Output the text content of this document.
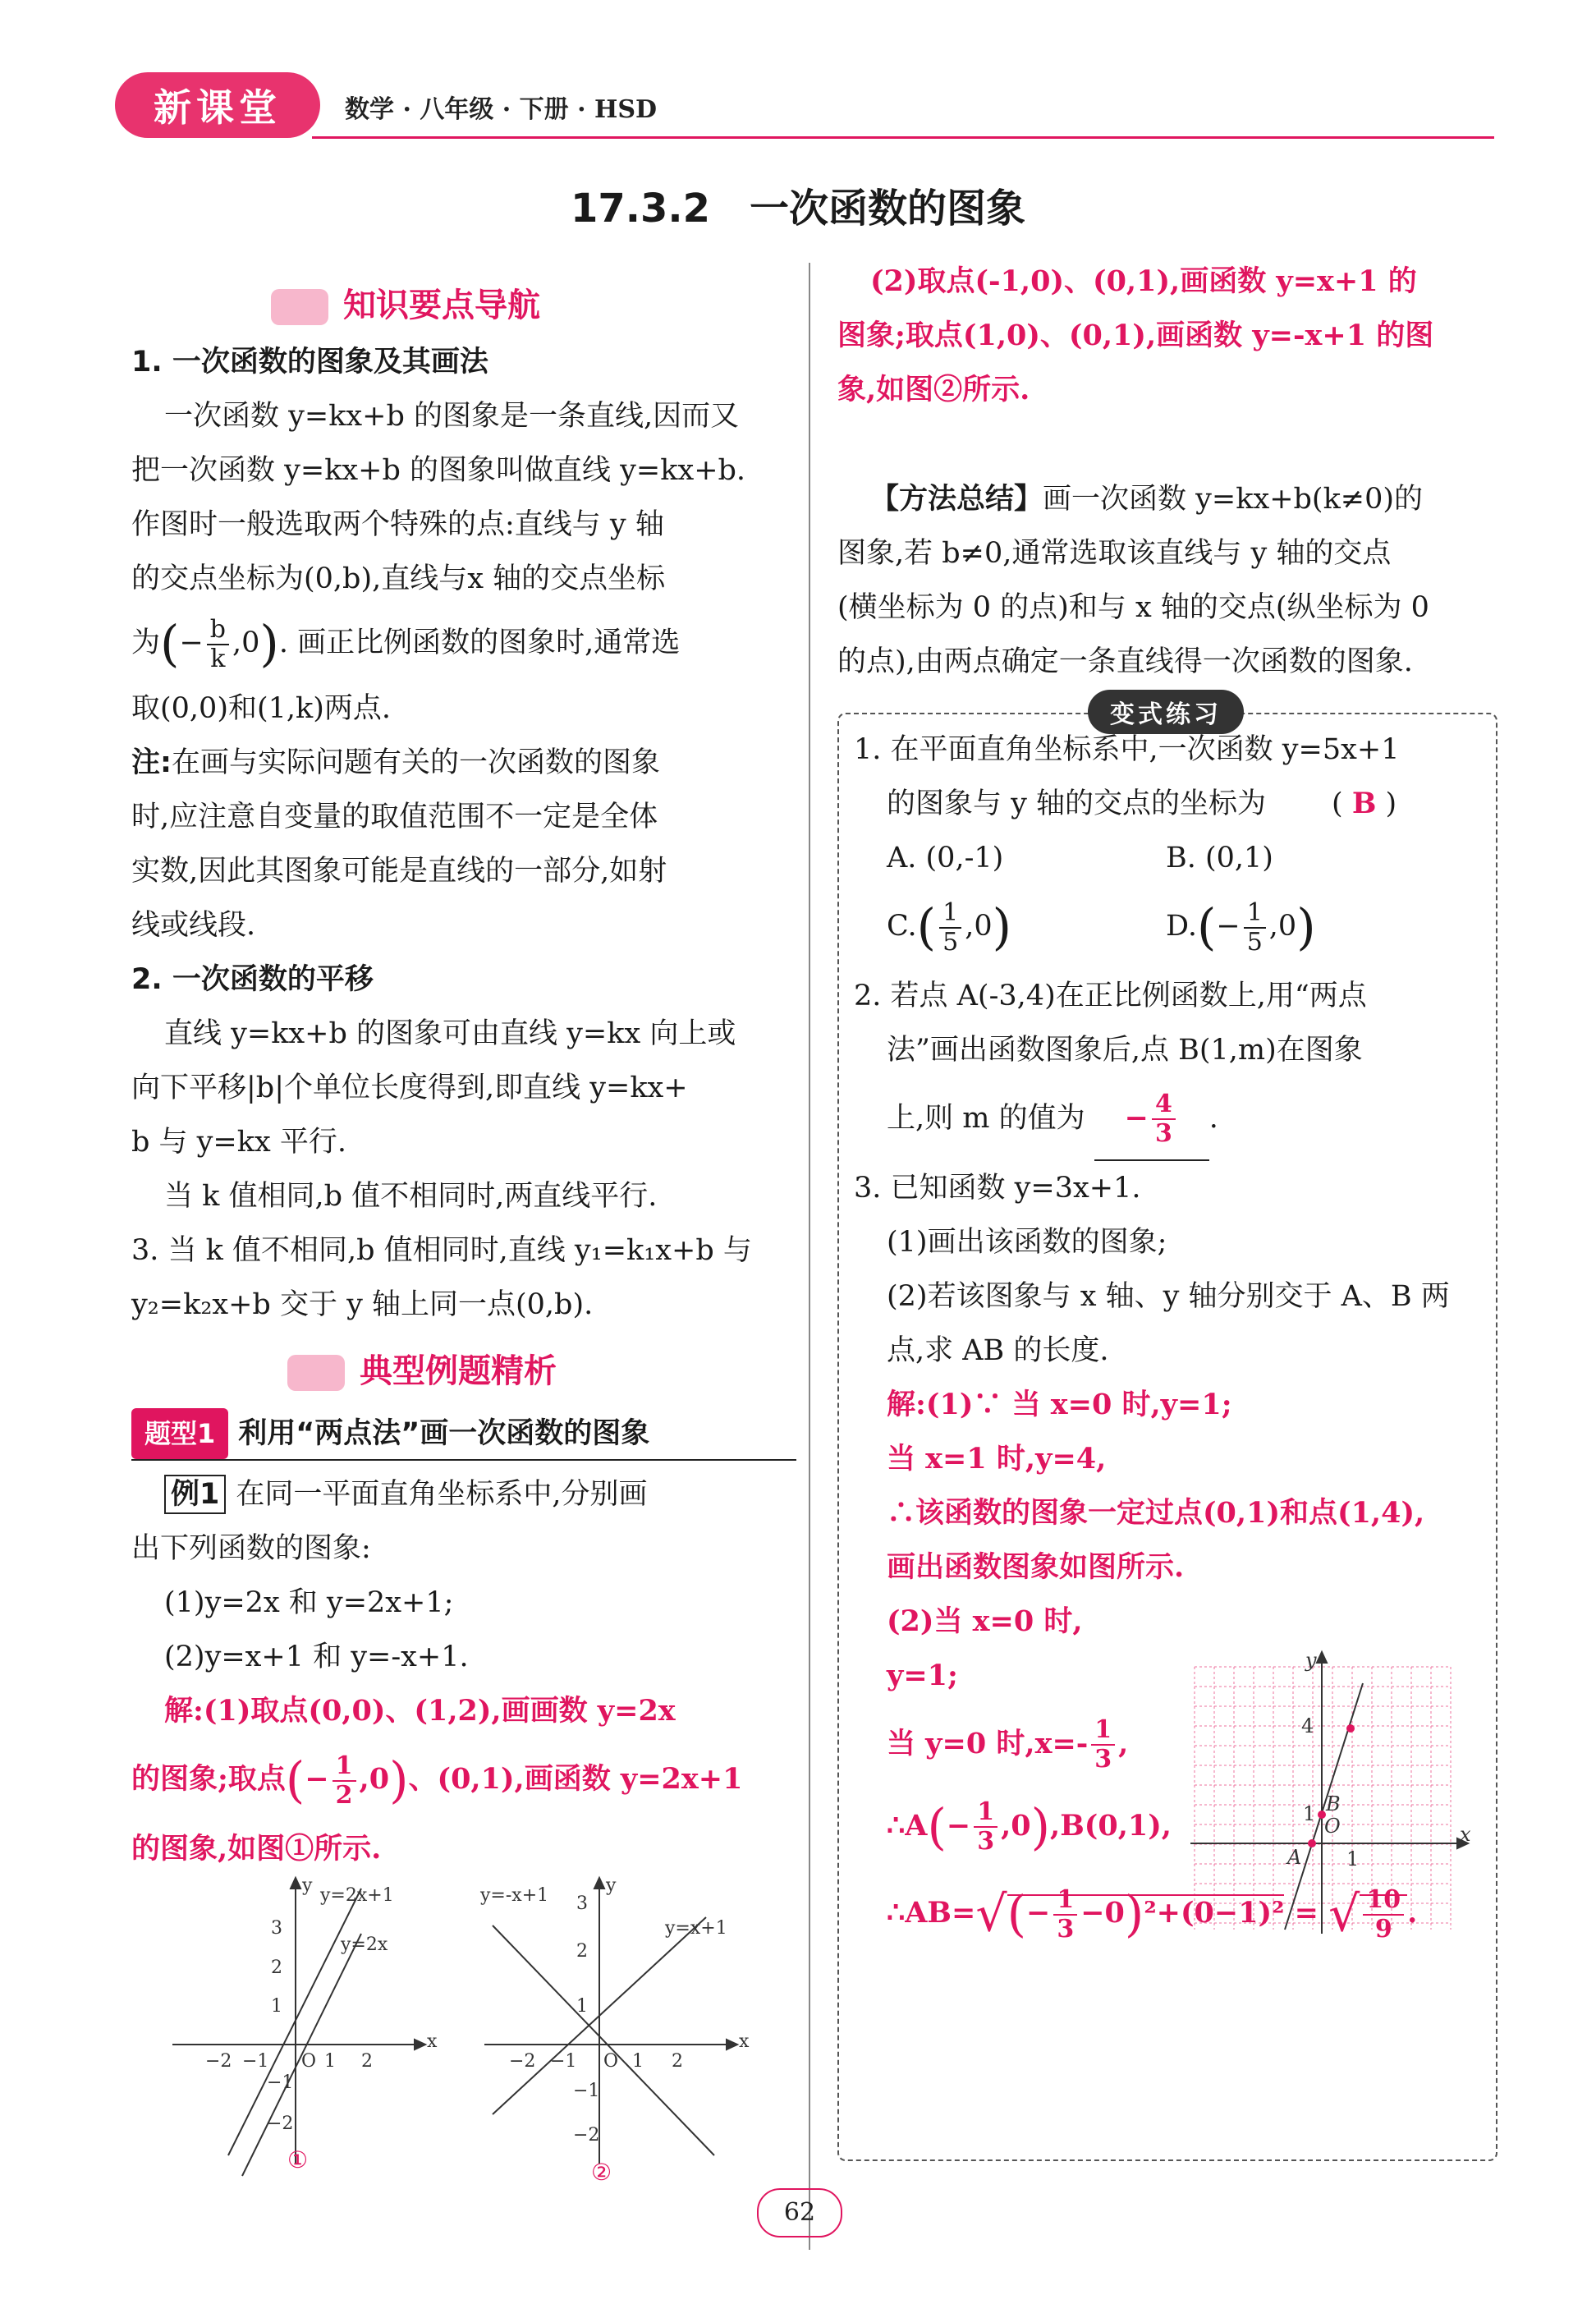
新课堂	数学 · 八年级 · 下册 · HSD
17.3.2　一次函数的图象
知识要点导航

1. 一次函数的图象及其画法

一次函数 y=kx+b 的图象是一条直线,因而又

把一次函数 y=kx+b 的图象叫做直线 y=kx+b.

作图时一般选取两个特殊的点:直线与 y 轴

的交点坐标为(0,b),直线与x 轴的交点坐标

为(− $\frac{b}{k} ,0$). 画正比例函数的图象时,通常选

取(0,0)和(1,k)两点.

注:在画与实际问题有关的一次函数的图象

时,应注意自变量的取值范围不一定是全体

实数,因此其图象可能是直线的一部分,如射

线或线段.

2. 一次函数的平移

直线 y=kx+b 的图象可由直线 y=kx 向上或

向下平移|b|个单位长度得到,即直线 y=kx+

b 与 y=kx 平行.

当 k 值相同,b 值不相同时,两直线平行.

3. 当 k 值不相同,b 值相同时,直线 y₁=k₁x+b 与

y₂=k₂x+b 交于 y 轴上同一点(0,b).

典型例题精析

题型1 利用“两点法”画一次函数的图象

例1 在同一平面直角坐标系中,分别画

出下列函数的图象:

(1)y=2x 和 y=2x+1;

(2)y=x+1 和 y=-x+1.

解:(1)取点(0,0)、(1,2),画画数 y=2x

的图象;取点(− $\frac{1}{2} ,0$)、(0,1),画函数 y=2x+1

的图象,如图①所示.

x
y
O
y=2x+1
y=2x
3
2
1
1 2
−2 −1
−1
−2
①
x
y
O
y=-x+1
y=x+1
3
2
1
1 2
−2 −1
−1
−2
②

(2)取点(-1,0)、(0,1),画函数 y=x+1 的

图象;取点(1,0)、(0,1),画函数 y=-x+1 的图

象,如图②所示.

【方法总结】画一次函数 y=kx+b(k≠0)的

图象,若 b≠0,通常选取该直线与 y 轴的交点

(横坐标为 0 的点)和与 x 轴的交点(纵坐标为 0

的点),由两点确定一条直线得一次函数的图象.

变式练习

1. 在平面直角坐标系中,一次函数 y=5x+1

的图象与 y 轴的交点的坐标为 ( B )

A. (0,-1)	B. (0,1)

$C.( \frac{1}{5} ,0)$	$D.(- \frac{1}{5} ,0)$

2. 若点 A(-3,4)在正比例函数上,用“两点

法”画出函数图象后,点 B(1,m)在图象

上,则 m 的值为 − $\frac{4}{3}$ .

3. 已知函数 y=3x+1.

(1)画出该函数的图象;

(2)若该图象与 x 轴、y 轴分别交于 A、B 两

点,求 AB 的长度.

解:(1)∵ 当 x=0 时,y=1;

当 x=1 时,y=4,

∴该函数的图象一定过点(0,1)和点(1,4),

画出函数图象如图所示.

(2)当 x=0 时,

y=1;

当 y=0 时$,x=- \frac{1}{3}$ ,

∴A(− $\frac{1}{3} ,0),B(0,1)$,

∴AB=√(− $\frac{1}{3} -0)^2+(0-1)^2$ = √ $\frac{10}{9}$ .

x
y
4
1
1
A
B
O
62
